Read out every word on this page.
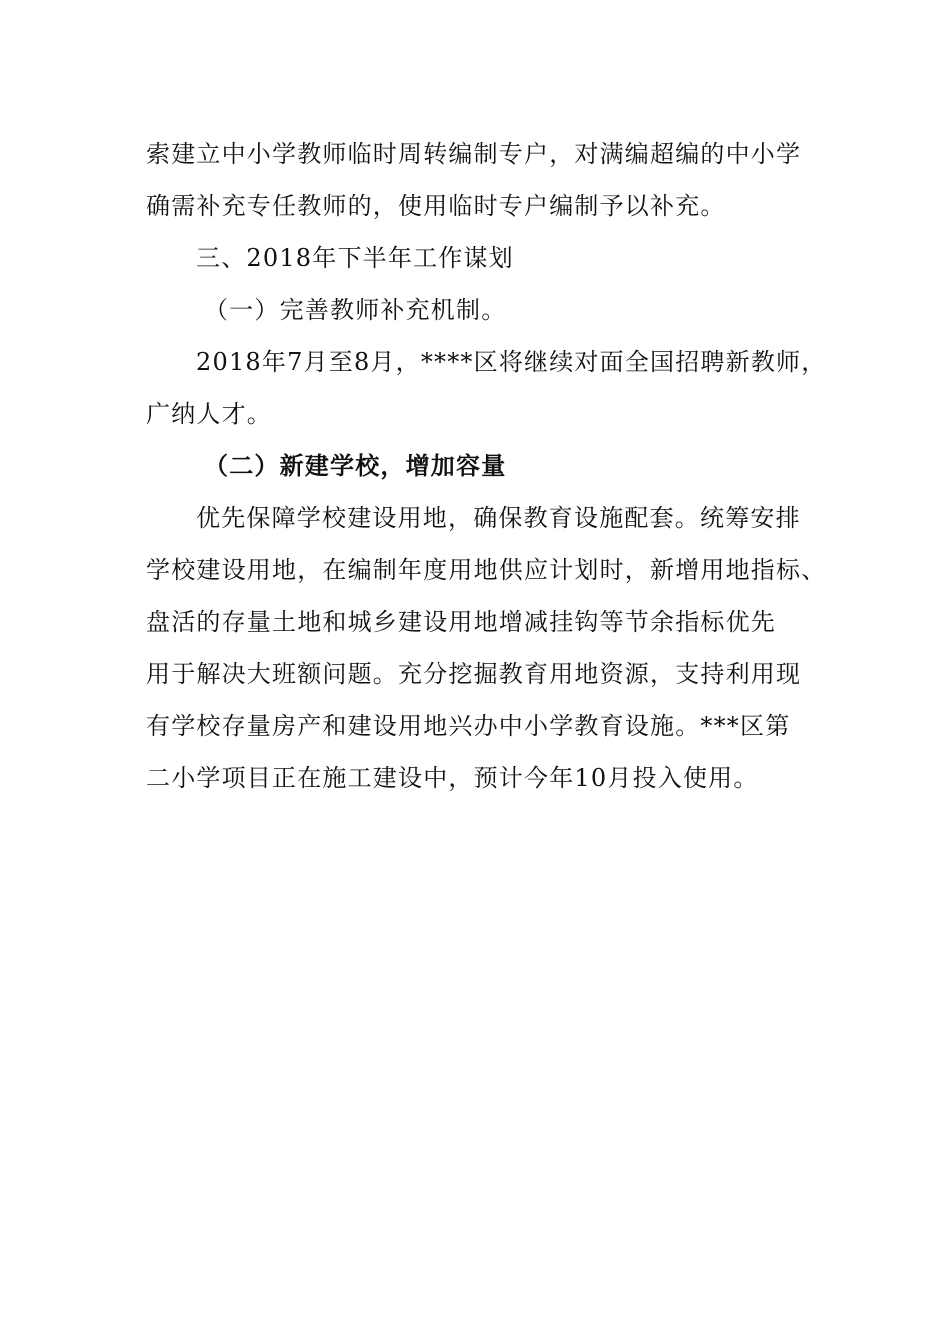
索建立中小学教师临时周转编制专户，对满编超编的中小学
确需补充专任教师的，使用临时专户编制予以补充。
三、2018年下半年工作谋划
（一）完善教师补充机制。
2018年7月至8月，****区将继续对面全国招聘新教师，
广纳人才。
（二）新建学校，增加容量
优先保障学校建设用地，确保教育设施配套。统筹安排
学校建设用地，在编制年度用地供应计划时，新增用地指标、
盘活的存量土地和城乡建设用地增减挂钩等节余指标优先
用于解决大班额问题。充分挖掘教育用地资源，支持利用现
有学校存量房产和建设用地兴办中小学教育设施。***区第
二小学项目正在施工建设中，预计今年10月投入使用。
